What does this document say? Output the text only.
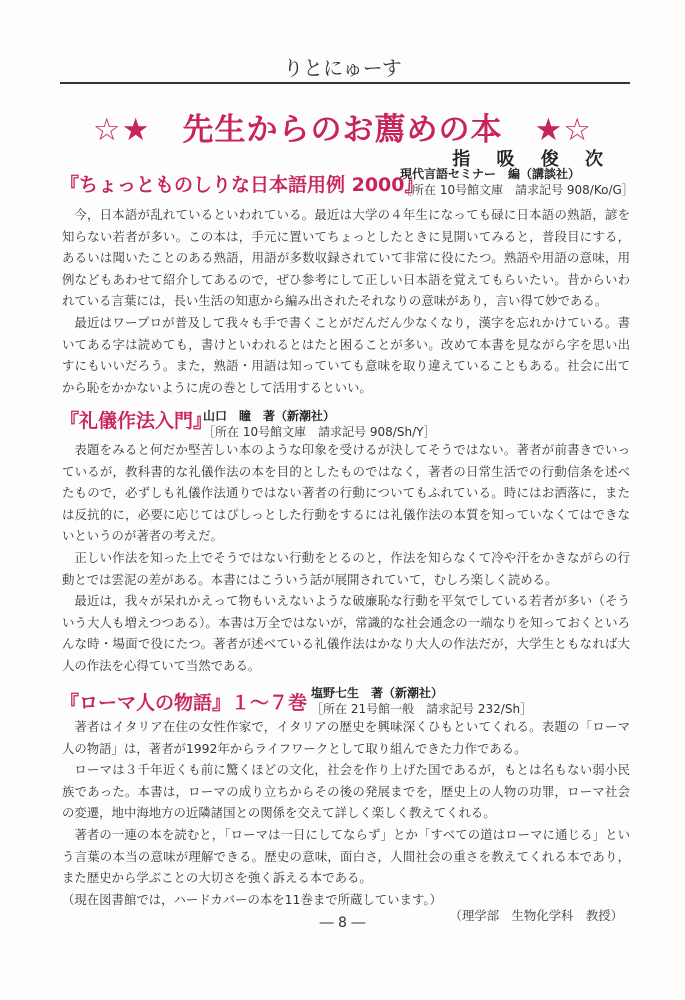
りとにゅーす
☆★　先生からのお薦めの本　★☆
指 吸 俊 次
『ちょっとものしりな日本語用例 2000』
現代言語セミナー　編（講談社）
［所在 10号館文庫　請求記号 908/Ko/G］

今，日本語が乱れているといわれている。最近は大学の４年生になっても碌に日本語の熟語，諺を知らない若者が多い。この本は，手元に置いてちょっとしたときに見開いてみると，普段目にする，あるいは聞いたことのある熟語，用語が多数収録されていて非常に役にたつ。熟語や用語の意味，用例などもあわせて紹介してあるので，ぜひ参考にして正しい日本語を覚えてもらいたい。昔からいわれている言葉には，長い生活の知恵から編み出されたそれなりの意味があり，言い得て妙である。

最近はワープロが普及して我々も手で書くことがだんだん少なくなり，漢字を忘れかけている。書いてある字は読めても，書けといわれるとはたと困ることが多い。改めて本書を見ながら字を思い出すにもいいだろう。また，熟語・用語は知っていても意味を取り違えていることもある。社会に出てから恥をかかないように虎の巻として活用するといい。

『礼儀作法入門』
山口　瞳　著（新潮社）
［所在 10号館文庫　請求記号 908/Sh/Y］

表題をみると何だか堅苦しい本のような印象を受けるが決してそうではない。著者が前書きでいっているが，教科書的な礼儀作法の本を目的としたものではなく，著者の日常生活での行動信条を述べたもので，必ずしも礼儀作法通りではない著者の行動についてもふれている。時にはお洒落に，または反抗的に，必要に応じてはぴしっとした行動をするには礼儀作法の本質を知っていなくてはできないというのが著者の考えだ。

正しい作法を知った上でそうではない行動をとるのと，作法を知らなくて冷や汗をかきながらの行動とでは雲泥の差がある。本書にはこういう話が展開されていて，むしろ楽しく読める。

最近は，我々が呆れかえって物もいえないような破廉恥な行動を平気でしている若者が多い（そういう大人も増えつつある）。本書は万全ではないが，常識的な社会通念の一端なりを知っておくといろんな時・場面で役にたつ。著者が述べている礼儀作法はかなり大人の作法だが，大学生ともなれば大人の作法を心得ていて当然である。

『ローマ人の物語』１～７巻 塩野七生　著（新潮社）
［所在 21号館一般　請求記号 232/Sh］

著者はイタリア在住の女性作家で，イタリアの歴史を興味深くひもといてくれる。表題の「ローマ人の物語」は，著者が1992年からライフワークとして取り組んできた力作である。

ローマは３千年近くも前に驚くほどの文化，社会を作り上げた国であるが，もとは名もない弱小民族であった。本書は，ローマの成り立ちからその後の発展までを，歴史上の人物の功罪，ローマ社会の変遷，地中海地方の近隣諸国との関係を交えて詳しく楽しく教えてくれる。

著者の一連の本を読むと，「ローマは一日にしてならず」とか「すべての道はローマに通じる」という言葉の本当の意味が理解できる。歴史の意味，面白さ，人間社会の重さを教えてくれる本であり，また歴史から学ぶことの大切さを強く訴える本である。

（現在図書館では，ハードカバーの本を11巻まで所蔵しています。）

（理学部　生物化学科　教授）
― 8 ―
